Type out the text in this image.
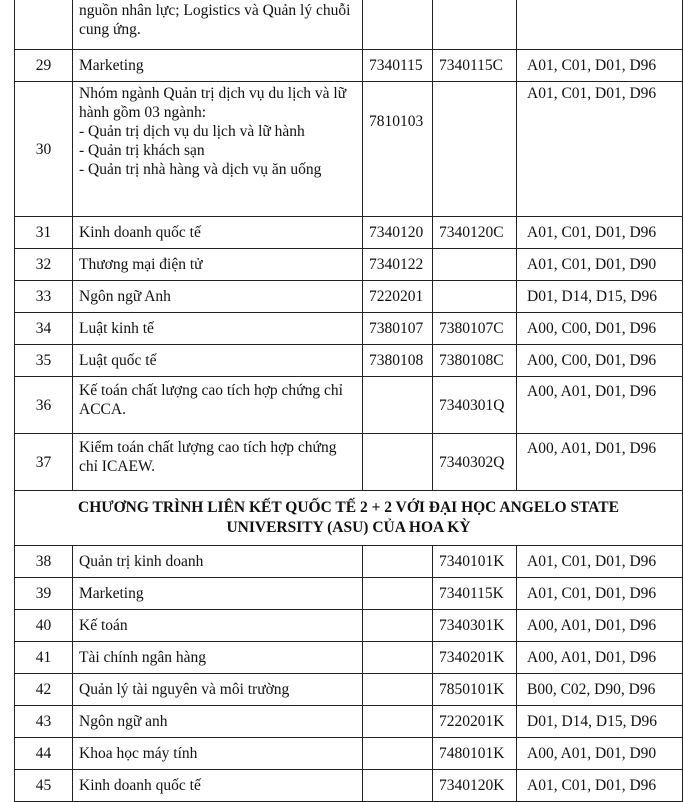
	nguồn nhân lực; Logistics và Quản lý chuỗi cung ứng.			
29	Marketing	7340115	7340115C	A01, C01, D01, D96
30	Nhóm ngành Quản trị dịch vụ du lịch và lữ hành gồm 03 ngành:
- Quản trị dịch vụ du lịch và lữ hành
- Quản trị khách sạn
- Quản trị nhà hàng và dịch vụ ăn uống	7810103		A01, C01, D01, D96
31	Kinh doanh quốc tế	7340120	7340120C	A01, C01, D01, D96
32	Thương mại điện tử	7340122		A01, C01, D01, D90
33	Ngôn ngữ Anh	7220201		D01, D14, D15, D96
34	Luật kinh tế	7380107	7380107C	A00, C00, D01, D96
35	Luật quốc tế	7380108	7380108C	A00, C00, D01, D96
36	Kế toán chất lượng cao tích hợp chứng chỉ ACCA.		7340301Q	A00, A01, D01, D96
37	Kiểm toán chất lượng cao tích hợp chứng chỉ ICAEW.		7340302Q	A00, A01, D01, D96
CHƯƠNG TRÌNH LIÊN KẾT QUỐC TẾ 2 + 2 VỚI ĐẠI HỌC ANGELO STATE UNIVERSITY (ASU) CỦA HOA KỲ				
38	Quản trị kinh doanh		7340101K	A01, C01, D01, D96
39	Marketing		7340115K	A01, C01, D01, D96
40	Kế toán		7340301K	A00, A01, D01, D96
41	Tài chính ngân hàng		7340201K	A00, A01, D01, D96
42	Quản lý tài nguyên và môi trường		7850101K	B00, C02, D90, D96
43	Ngôn ngữ anh		7220201K	D01, D14, D15, D96
44	Khoa học máy tính		7480101K	A00, A01, D01, D90
45	Kinh doanh quốc tế		7340120K	A01, C01, D01, D96
